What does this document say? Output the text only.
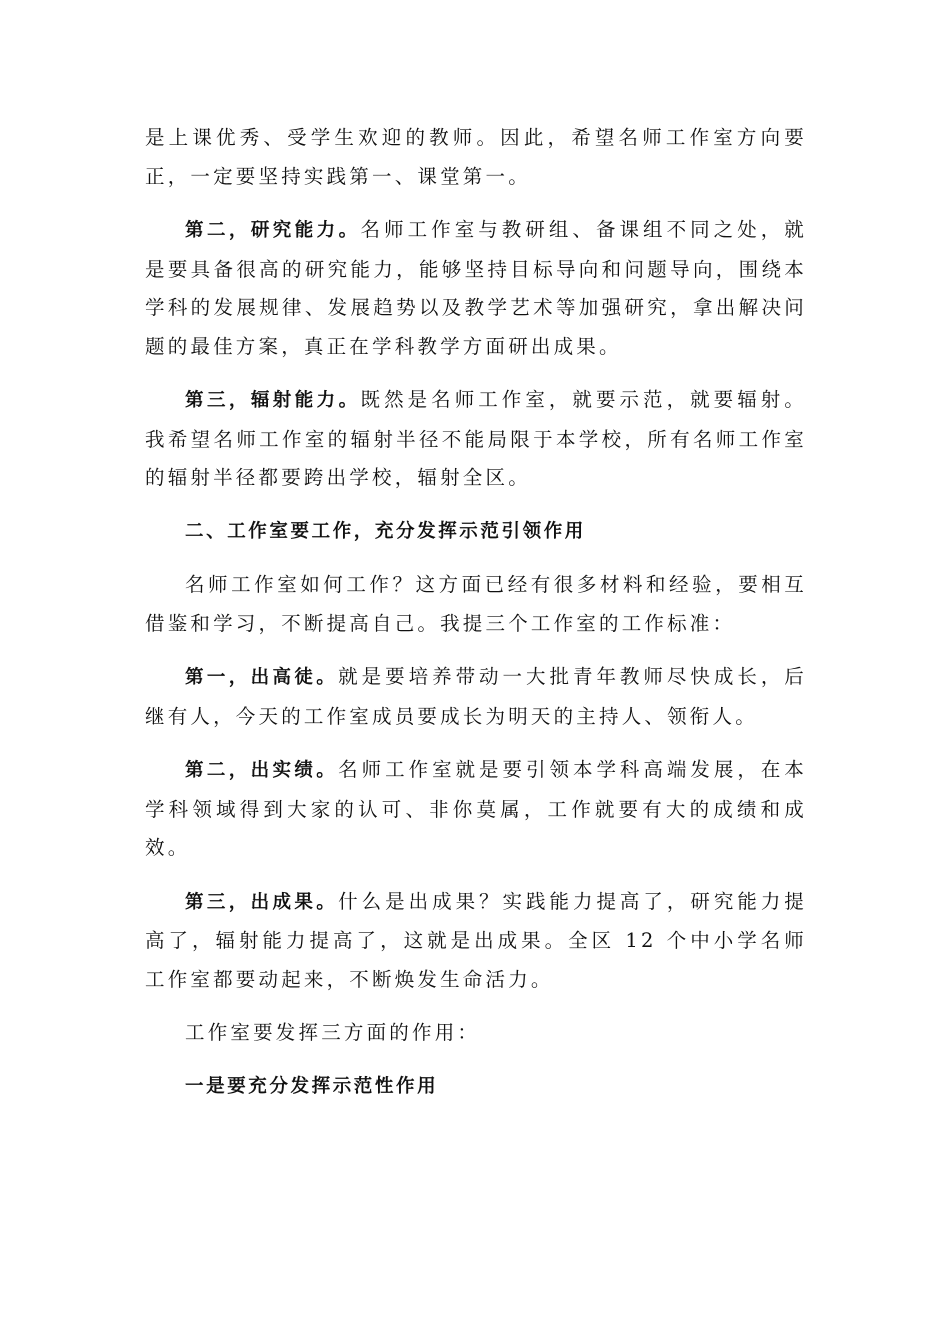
是上课优秀、受学生欢迎的教师。因此，希望名师工作室方向要正，一定要坚持实践第一、课堂第一。

第二，研究能力。名师工作室与教研组、备课组不同之处，就是要具备很高的研究能力，能够坚持目标导向和问题导向，围绕本学科的发展规律、发展趋势以及教学艺术等加强研究，拿出解决问题的最佳方案，真正在学科教学方面研出成果。

第三，辐射能力。既然是名师工作室，就要示范，就要辐射。我希望名师工作室的辐射半径不能局限于本学校，所有名师工作室的辐射半径都要跨出学校，辐射全区。

二、工作室要工作，充分发挥示范引领作用

名师工作室如何工作？这方面已经有很多材料和经验，要相互借鉴和学习，不断提高自己。我提三个工作室的工作标准：

第一，出高徒。就是要培养带动一大批青年教师尽快成长，后继有人，今天的工作室成员要成长为明天的主持人、领衔人。

第二，出实绩。名师工作室就是要引领本学科高端发展，在本学科领域得到大家的认可、非你莫属，工作就要有大的成绩和成效。

第三，出成果。什么是出成果？实践能力提高了，研究能力提高了，辐射能力提高了，这就是出成果。全区 12 个中小学名师工作室都要动起来，不断焕发生命活力。

工作室要发挥三方面的作用：

一是要充分发挥示范性作用
